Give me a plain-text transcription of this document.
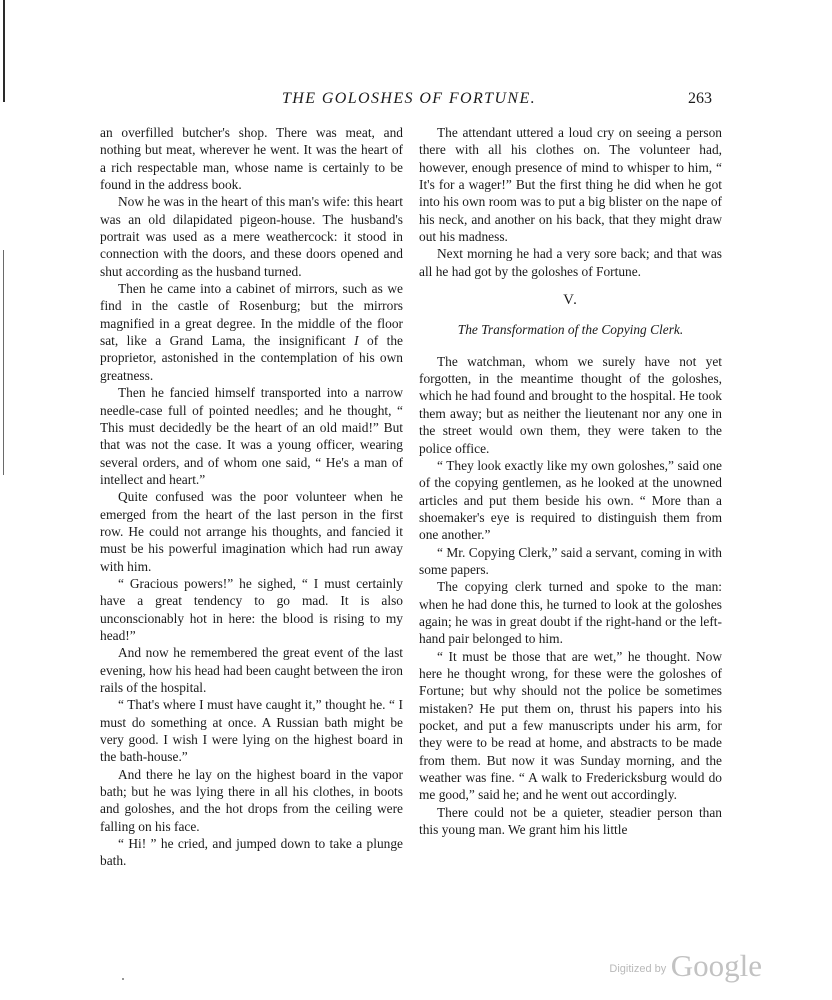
THE GOLOSHES OF FORTUNE.	263

an overfilled butcher's shop. There was meat, and nothing but meat, wherever he went. It was the heart of a rich respectable man, whose name is certainly to be found in the address book.

Now he was in the heart of this man's wife: this heart was an old dilapidated pigeon-house. The husband's portrait was used as a mere weathercock: it stood in connection with the doors, and these doors opened and shut according as the husband turned.

Then he came into a cabinet of mirrors, such as we find in the castle of Rosenburg; but the mirrors magnified in a great degree. In the middle of the floor sat, like a Grand Lama, the insignificant I of the proprietor, astonished in the contemplation of his own greatness.

Then he fancied himself transported into a narrow needle-case full of pointed needles; and he thought, “ This must decidedly be the heart of an old maid!” But that was not the case. It was a young officer, wearing several orders, and of whom one said, “ He's a man of intellect and heart.”

Quite confused was the poor volunteer when he emerged from the heart of the last person in the first row. He could not arrange his thoughts, and fancied it must be his powerful imagination which had run away with him.

“ Gracious powers!” he sighed, “ I must certainly have a great tendency to go mad. It is also unconscionably hot in here: the blood is rising to my head!”

And now he remembered the great event of the last evening, how his head had been caught between the iron rails of the hospital.

“ That's where I must have caught it,” thought he. “ I must do something at once. A Russian bath might be very good. I wish I were lying on the highest board in the bath-house.”

And there he lay on the highest board in the vapor bath; but he was lying there in all his clothes, in boots and goloshes, and the hot drops from the ceiling were falling on his face.

“ Hi! ” he cried, and jumped down to take a plunge bath.

The attendant uttered a loud cry on seeing a person there with all his clothes on. The volunteer had, however, enough presence of mind to whisper to him, “ It's for a wager!” But the first thing he did when he got into his own room was to put a big blister on the nape of his neck, and another on his back, that they might draw out his madness.

Next morning he had a very sore back; and that was all he had got by the goloshes of Fortune.

V.
The Transformation of the Copying Clerk.

The watchman, whom we surely have not yet forgotten, in the meantime thought of the goloshes, which he had found and brought to the hospital. He took them away; but as neither the lieutenant nor any one in the street would own them, they were taken to the police office.

“ They look exactly like my own goloshes,” said one of the copying gentlemen, as he looked at the unowned articles and put them beside his own. “ More than a shoemaker's eye is required to distinguish them from one another.”

“ Mr. Copying Clerk,” said a servant, coming in with some papers.

The copying clerk turned and spoke to the man: when he had done this, he turned to look at the goloshes again; he was in great doubt if the right-hand or the left-hand pair belonged to him.

“ It must be those that are wet,” he thought. Now here he thought wrong, for these were the goloshes of Fortune; but why should not the police be sometimes mistaken? He put them on, thrust his papers into his pocket, and put a few manuscripts under his arm, for they were to be read at home, and abstracts to be made from them. But now it was Sunday morning, and the weather was fine. “ A walk to Fredericksburg would do me good,” said he; and he went out accordingly.

There could not be a quieter, steadier person than this young man. We grant him his little

$^{Digitized by}$ Google
